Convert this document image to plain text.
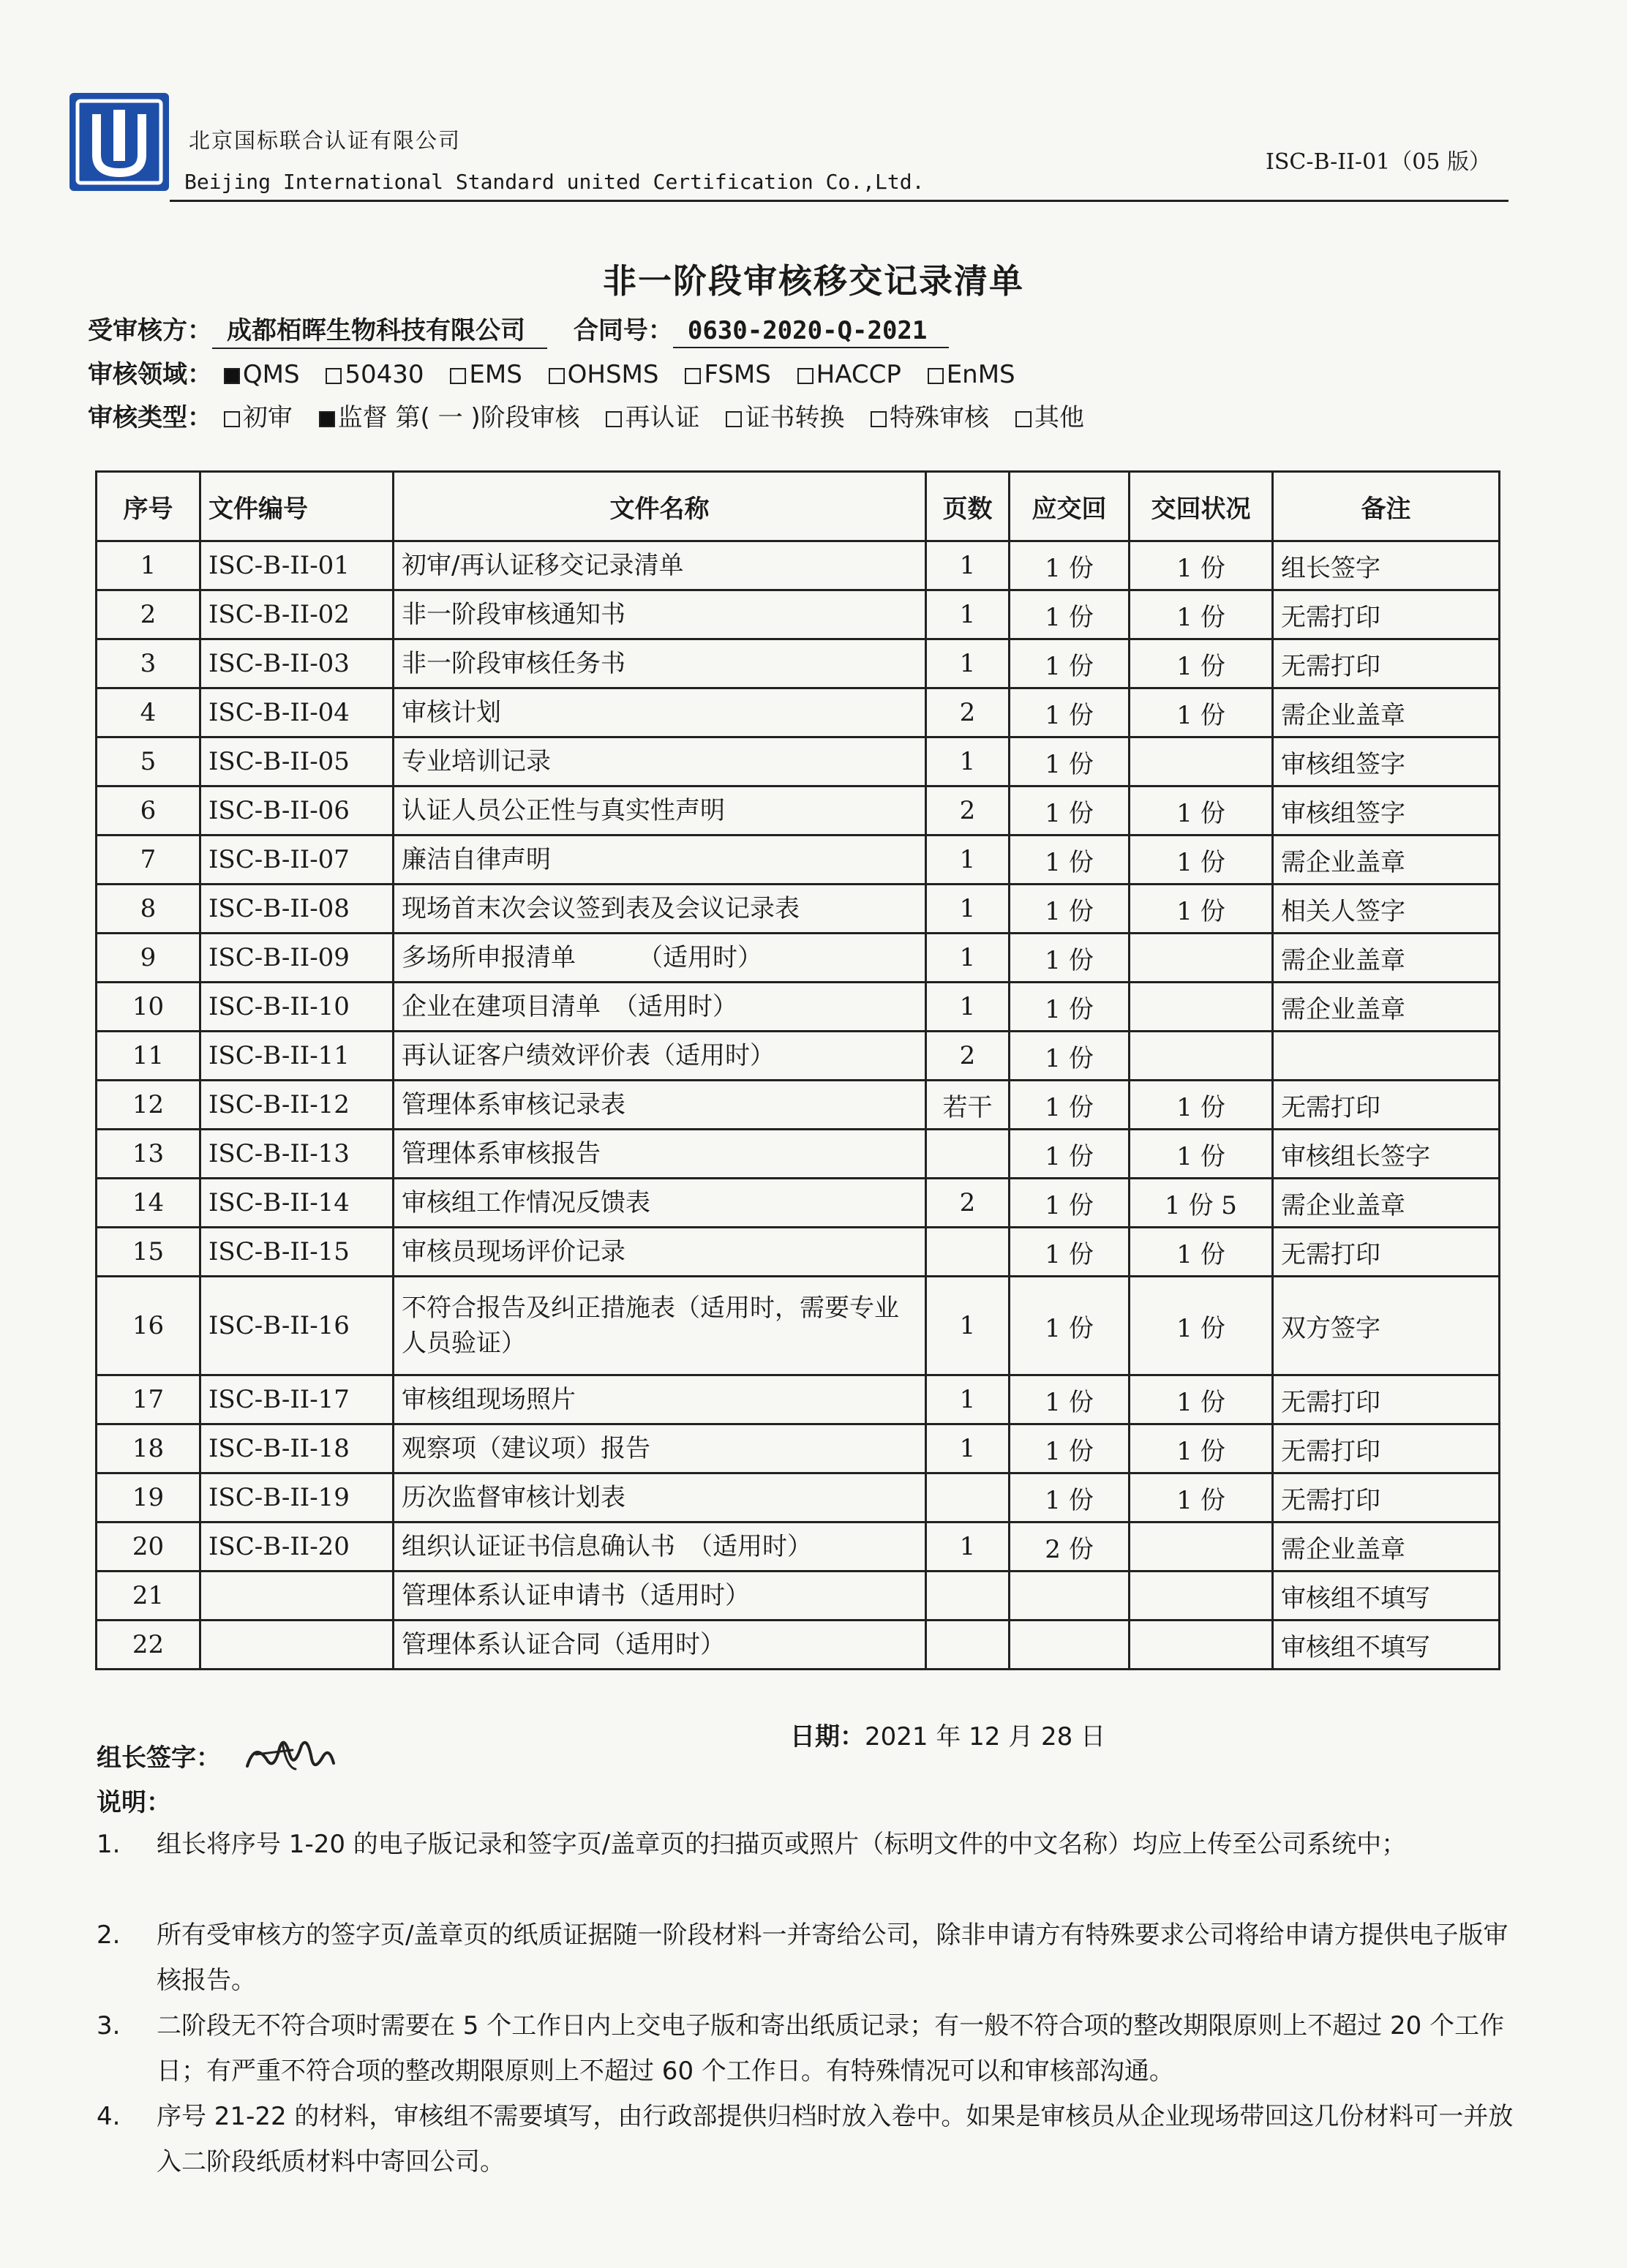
北京国标联合认证有限公司
Beijing International Standard united Certification Co.,Ltd.
ISC-B-II-01（05 版）
非一阶段审核移交记录清单
受审核方： 成都栢晖生物科技有限公司 合同号： 0630-2020-Q-2021
审核领域： QMS 50430 EMS OHSMS FSMS HACCP EnMS
审核类型： 初审 监督 第( 一 )阶段审核 再认证 证书转换 特殊审核 其他
序号	文件编号	文件名称	页数	应交回	交回状况	备注
1	ISC-B-II-01	初审/再认证移交记录清单	1	1 份	1 份	组长签字
2	ISC-B-II-02	非一阶段审核通知书	1	1 份	1 份	无需打印
3	ISC-B-II-03	非一阶段审核任务书	1	1 份	1 份	无需打印
4	ISC-B-II-04	审核计划	2	1 份	1 份	需企业盖章
5	ISC-B-II-05	专业培训记录	1	1 份		审核组签字
6	ISC-B-II-06	认证人员公正性与真实性声明	2	1 份	1 份	审核组签字
7	ISC-B-II-07	廉洁自律声明	1	1 份	1 份	需企业盖章
8	ISC-B-II-08	现场首末次会议签到表及会议记录表	1	1 份	1 份	相关人签字
9	ISC-B-II-09	多场所申报清单　　　（适用时）	1	1 份		需企业盖章
10	ISC-B-II-10	企业在建项目清单　（适用时）	1	1 份		需企业盖章
11	ISC-B-II-11	再认证客户绩效评价表（适用时）	2	1 份		
12	ISC-B-II-12	管理体系审核记录表	若干	1 份	1 份	无需打印
13	ISC-B-II-13	管理体系审核报告		1 份	1 份	审核组长签字
14	ISC-B-II-14	审核组工作情况反馈表	2	1 份	1 份 5	需企业盖章
15	ISC-B-II-15	审核员现场评价记录		1 份	1 份	无需打印
16	ISC-B-II-16	不符合报告及纠正措施表（适用时，需要专业人员验证）	1	1 份	1 份	双方签字
17	ISC-B-II-17	审核组现场照片	1	1 份	1 份	无需打印
18	ISC-B-II-18	观察项（建议项）报告	1	1 份	1 份	无需打印
19	ISC-B-II-19	历次监督审核计划表		1 份	1 份	无需打印
20	ISC-B-II-20	组织认证证书信息确认书　（适用时）	1	2 份		需企业盖章
21		管理体系认证申请书（适用时）				审核组不填写
22		管理体系认证合同（适用时）				审核组不填写
组长签字：
日期：2021 年 12 月 28 日
说明：
1. 组长将序号 1-20 的电子版记录和签字页/盖章页的扫描页或照片（标明文件的中文名称）均应上传至公司系统中；
2. 所有受审核方的签字页/盖章页的纸质证据随一阶段材料一并寄给公司，除非申请方有特殊要求公司将给申请方提供电子版审核报告。
3. 二阶段无不符合项时需要在 5 个工作日内上交电子版和寄出纸质记录；有一般不符合项的整改期限原则上不超过 20 个工作日；有严重不符合项的整改期限原则上不超过 60 个工作日。有特殊情况可以和审核部沟通。
4. 序号 21-22 的材料，审核组不需要填写，由行政部提供归档时放入卷中。如果是审核员从企业现场带回这几份材料可一并放入二阶段纸质材料中寄回公司。
